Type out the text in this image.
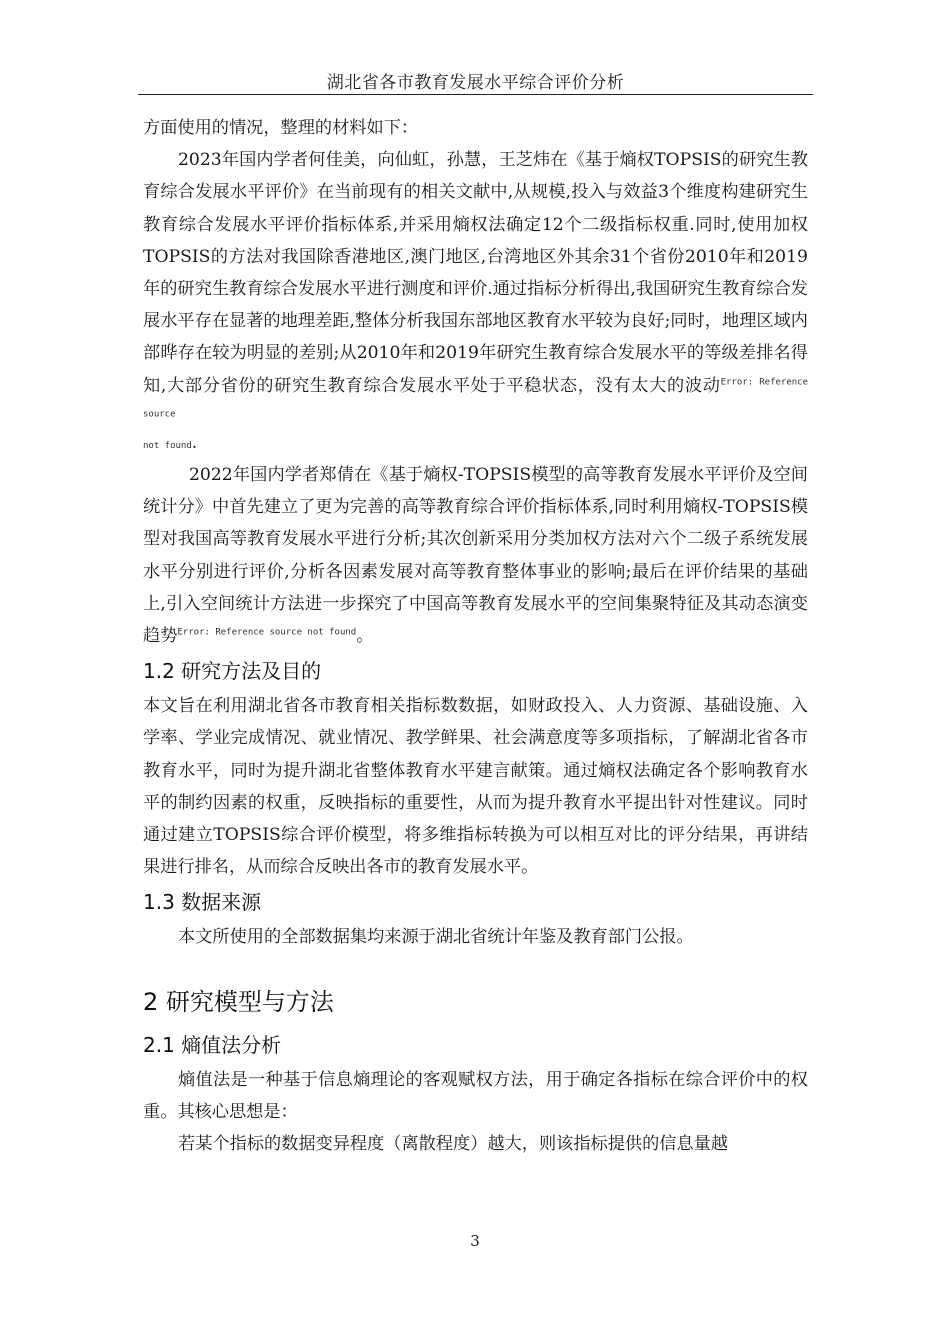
湖北省各市教育发展水平综合评价分析

方面使用的情况，整理的材料如下：

2023年国内学者何佳美，向仙虹，孙慧，王芝炜在《基于熵权TOPSIS的研究生教育综合发展水平评价》在当前现有的相关文献中,从规模,投入与效益3个维度构建研究生教育综合发展水平评价指标体系,并采用熵权法确定12个二级指标权重.同时,使用加权TOPSIS的方法对我国除香港地区,澳门地区,台湾地区外其余31个省份2010年和2019年的研究生教育综合发展水平进行测度和评价.通过指标分析得出,我国研究生教育综合发展水平存在显著的地理差距,整体分析我国东部地区教育水平较为良好;同时，地理区域内部晔存在较为明显的差别;从2010年和2019年研究生教育综合发展水平的等级差排名得知,大部分省份的研究生教育综合发展水平处于平稳状态，没有太大的波动$^{Error: Reference source}$

not found.

2022年国内学者郑倩在《基于熵权-TOPSIS模型的高等教育发展水平评价及空间统计分》中首先建立了更为完善的高等教育综合评价指标体系,同时利用熵权-TOPSIS模型对我国高等教育发展水平进行分析;其次创新采用分类加权方法对六个二级子系统发展水平分别进行评价,分析各因素发展对高等教育整体事业的影响;最后在评价结果的基础上,引入空间统计方法进一步探究了中国高等教育发展水平的空间集聚特征及其动态演变趋势$^{Error: Reference source not found}$。

1.2 研究方法及目的

本文旨在利用湖北省各市教育相关指标数数据，如财政投入、人力资源、基础设施、入学率、学业完成情况、就业情况、教学鲜果、社会满意度等多项指标，了解湖北省各市教育水平，同时为提升湖北省整体教育水平建言献策。通过熵权法确定各个影响教育水平的制约因素的权重，反映指标的重要性，从而为提升教育水平提出针对性建议。同时通过建立TOPSIS综合评价模型，将多维指标转换为可以相互对比的评分结果，再讲结果进行排名，从而综合反映出各市的教育发展水平。

1.3 数据来源

本文所使用的全部数据集均来源于湖北省统计年鉴及教育部门公报。

2 研究模型与方法
2.1 熵值法分析

熵值法是一种基于信息熵理论的客观赋权方法，用于确定各指标在综合评价中的权重。其核心思想是：

若某个指标的数据变异程度（离散程度）越大，则该指标提供的信息量越

3
